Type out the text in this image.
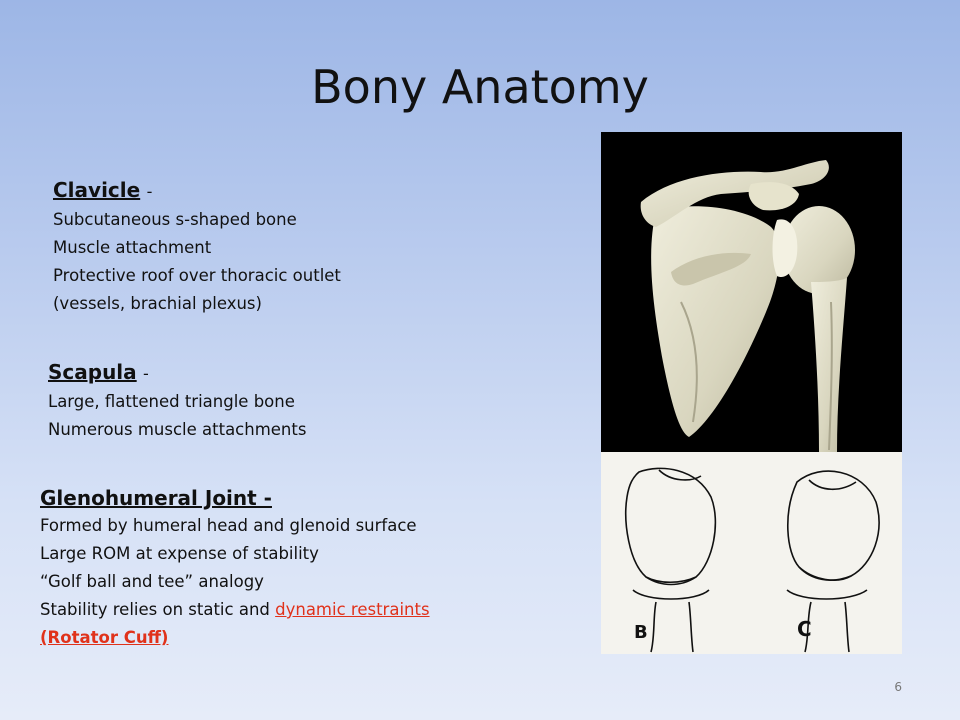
Bony Anatomy
Clavicle -
Subcutaneous s-shaped bone
Muscle attachment
Protective roof over thoracic outlet
(vessels, brachial plexus)
Scapula -
Large, flattened triangle bone
Numerous muscle attachments
Glenohumeral Joint -
Formed by humeral head and glenoid surface
Large ROM at expense of stability
“Golf ball and tee” analogy
Stability relies on static and dynamic restraints
(Rotator Cuff)	B	C
6
